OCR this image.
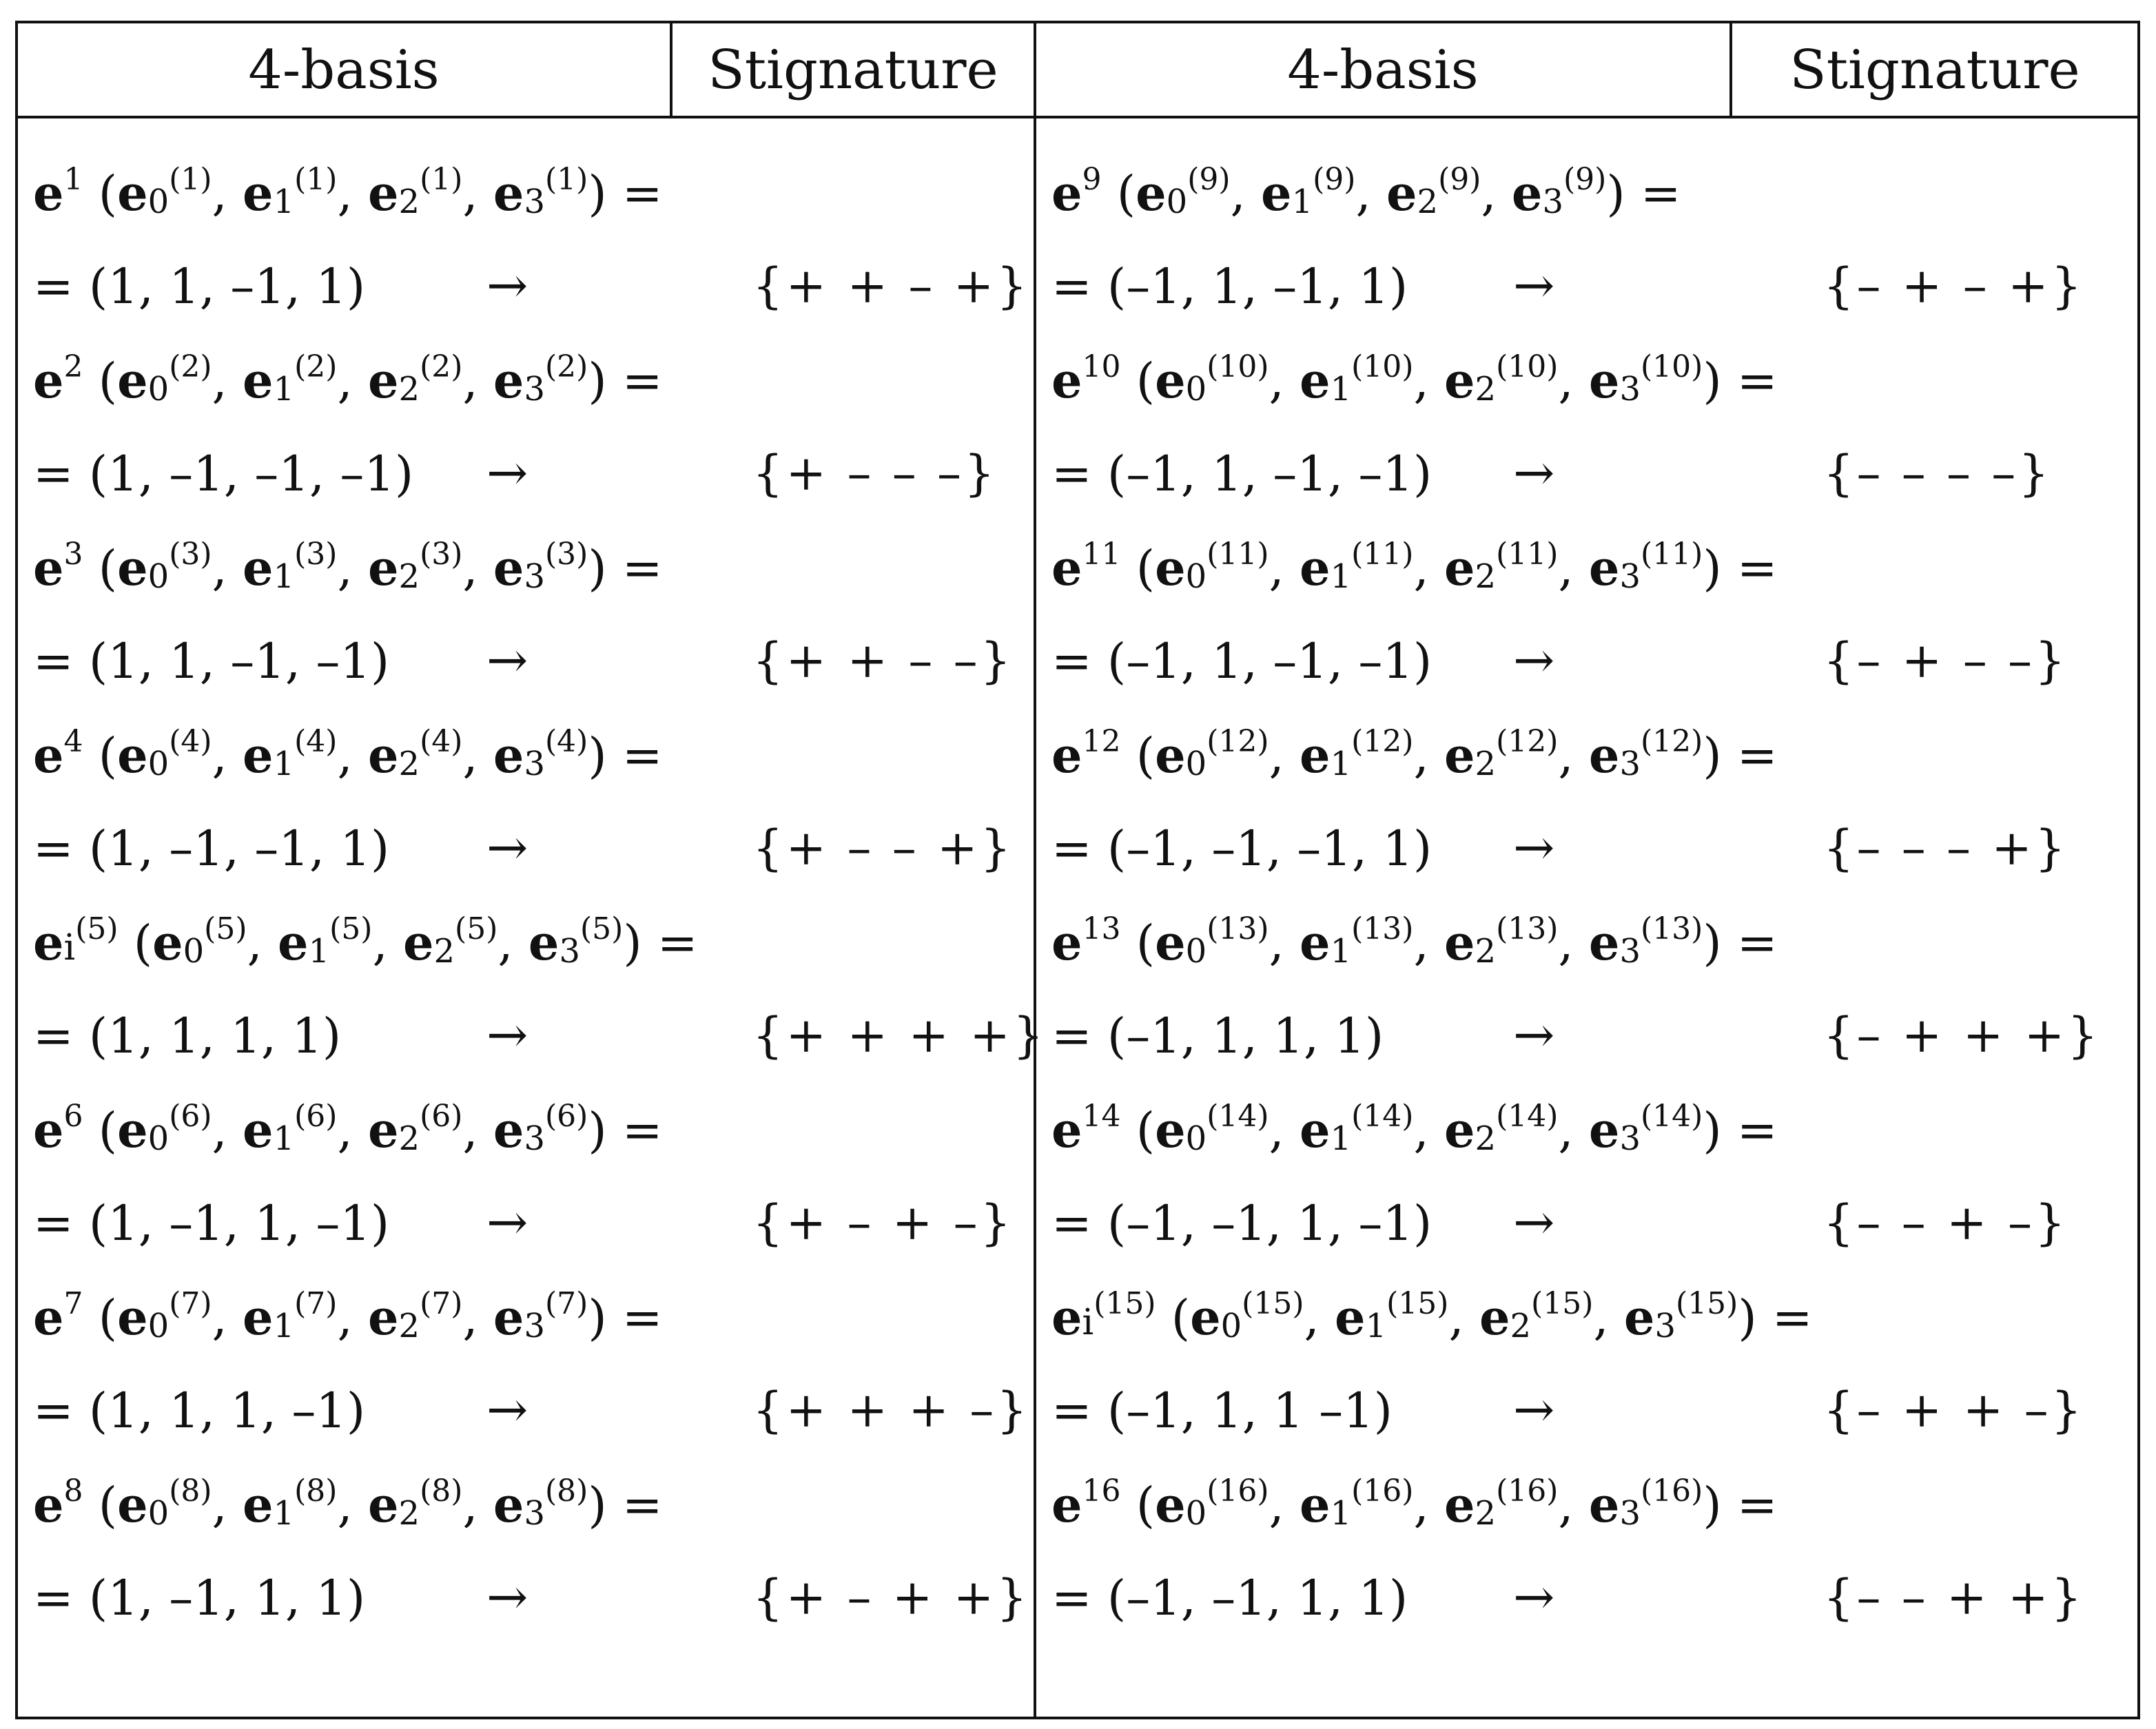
4-basis	Stignature	4-basis	Stignature
$e^1$ ($e_0^{(1)}$, $e_1^{(1)}$, $e_2^{(1)}$, $e_3^{(1)}$) =
= (1, 1, –1, 1) →	{+ + – +}
$e^2$ ($e_0^{(2)}$, $e_1^{(2)}$, $e_2^{(2)}$, $e_3^{(2)}$) =
= (1, –1, –1, –1) →	{+ – – –}
$e^3$ ($e_0^{(3)}$, $e_1^{(3)}$, $e_2^{(3)}$, $e_3^{(3)}$) =
= (1, 1, –1, –1) →	{+ + – –}
$e^4$ ($e_0^{(4)}$, $e_1^{(4)}$, $e_2^{(4)}$, $e_3^{(4)}$) =
= (1, –1, –1, 1) →	{+ – – +}
$ei^{(5)}$ ($e_0^{(5)}$, $e_1^{(5)}$, $e_2^{(5)}$, $e_3^{(5)}$) =
= (1, 1, 1, 1)	→	{+ + + +}
$e^6$ ($e_0^{(6)}$, $e_1^{(6)}$, $e_2^{(6)}$, $e_3^{(6)}$) =
= (1, –1, 1, –1) →	{+ – + –}
$e^7$ ($e_0^{(7)}$, $e_1^{(7)}$, $e_2^{(7)}$, $e_3^{(7)}$) =
= (1, 1, 1, –1) →	{+ + + –}
$e^8$ ($e_0^{(8)}$, $e_1^{(8)}$, $e_2^{(8)}$, $e_3^{(8)}$) =
= (1, –1, 1, 1) →	{+ – + +}
$e^9$ ($e_0^{(9)}$, $e_1^{(9)}$, $e_2^{(9)}$, $e_3^{(9)}$) =
= (–1, 1, –1, 1) →	{– + – +}
$e^{10}$ ($e_0^{(10)}$, $e_1^{(10)}$, $e_2^{(10)}$, $e_3^{(10)}$) =
= (–1, 1, –1, –1) →	{– – – –}
$e^{11}$ ($e_0^{(11)}$, $e_1^{(11)}$, $e_2^{(11)}$, $e_3^{(11)}$) =
= (–1, 1, –1, –1) →	{– + – –}
$e^{12}$ ($e_0^{(12)}$, $e_1^{(12)}$, $e_2^{(12)}$, $e_3^{(12)}$) =
= (–1, –1, –1, 1) →	{– – – +}
$e^{13}$ ($e_0^{(13)}$, $e_1^{(13)}$, $e_2^{(13)}$, $e_3^{(13)}$) =
= (–1, 1, 1, 1)	→	{– + + +}
$e^{14}$ ($e_0^{(14)}$, $e_1^{(14)}$, $e_2^{(14)}$, $e_3^{(14)}$) =
= (–1, –1, 1, –1) →	{– – + –}
$ei^{(15)}$ ($e_0^{(15)}$, $e_1^{(15)}$, $e_2^{(15)}$, $e_3^{(15)}$) =
= (–1, 1, 1 –1) →	{– + + –}
$e^{16}$ ($e_0^{(16)}$, $e_1^{(16)}$, $e_2^{(16)}$, $e_3^{(16)}$) =
= (–1, –1, 1, 1) →	{– – + +}
